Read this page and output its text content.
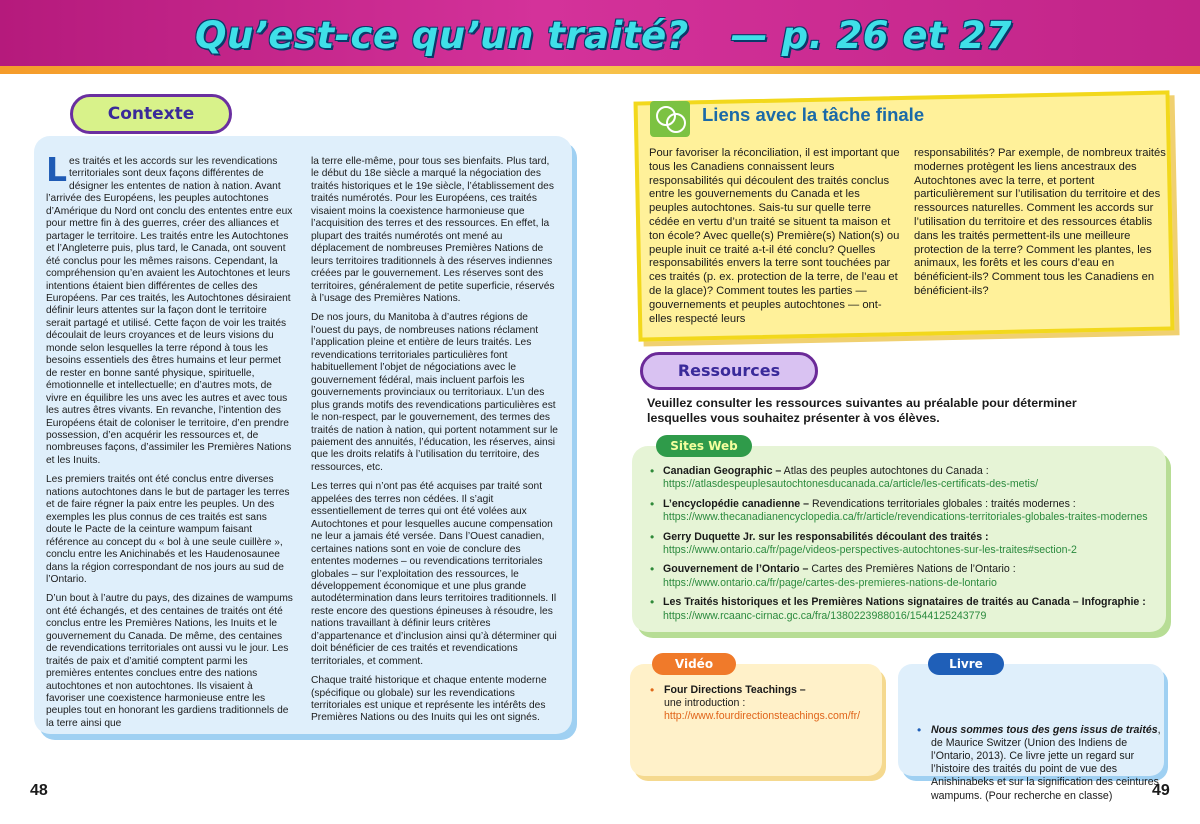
Qu’est-ce qu’un traité? — p. 26 et 27
Contexte

Les traités et les accords sur les revendications territoriales sont deux façons différentes de désigner les ententes de nation à nation. Avant l’arrivée des Européens, les peuples autochtones d’Amérique du Nord ont conclu des ententes entre eux pour mettre fin à des guerres, créer des alliances et partager le territoire. Les traités entre les Autochtones et l’Angleterre puis, plus tard, le Canada, ont souvent été conclus pour les mêmes raisons. Cependant, la compréhension qu’en avaient les Autochtones et leurs intentions étaient bien différentes de celles des Européens. Par ces traités, les Autochtones désiraient définir leurs attentes sur la façon dont le territoire serait partagé et utilisé. Cette façon de voir les traités découlait de leurs croyances et de leurs visions du monde selon lesquelles la terre répond à tous les besoins essentiels des êtres humains et leur permet de rester en bonne santé physique, spirituelle, émotionnelle et intellectuelle; en d’autres mots, de vivre en équilibre les uns avec les autres et avec tous les autres êtres vivants. En revanche, l’intention des Européens était de coloniser le territoire, d’en prendre possession, d’en acquérir les ressources et, de nombreuses façons, d’assimiler les Premières Nations et les Inuits.

Les premiers traités ont été conclus entre diverses nations autochtones dans le but de partager les terres et de faire régner la paix entre les peuples. Un des exemples les plus connus de ces traités est sans doute le Pacte de la ceinture wampum faisant référence au concept du « bol à une seule cuillère », conclu entre les Anichinabés et les Haudenosaunee dans la région correspondant de nos jours au sud de l’Ontario.

D’un bout à l’autre du pays, des dizaines de wampums ont été échangés, et des centaines de traités ont été conclus entre les Premières Nations, les Inuits et le gouvernement du Canada. De même, des centaines de revendications territoriales ont aussi vu le jour. Les traités de paix et d’amitié comptent parmi les premières ententes conclues entre des nations autochtones et non autochtones. Ils visaient à favoriser une coexistence harmonieuse entre les peuples tout en honorant les gardiens traditionnels de la terre ainsi que

la terre elle-même, pour tous ses bienfaits. Plus tard, le début du 18e siècle a marqué la négociation des traités historiques et le 19e siècle, l’établissement des traités numérotés. Pour les Européens, ces traités visaient moins la coexistence harmonieuse que l’acquisition des terres et des ressources. En effet, la plupart des traités numérotés ont mené au déplacement de nombreuses Premières Nations de leurs territoires traditionnels à des réserves indiennes créées par le gouvernement. Les réserves sont des territoires, généralement de petite superficie, réservés à l’usage des Premières Nations.

De nos jours, du Manitoba à d’autres régions de l’ouest du pays, de nombreuses nations réclament l’application pleine et entière de leurs traités. Les revendications territoriales particulières font habituellement l’objet de négociations avec le gouvernement fédéral, mais incluent parfois les gouvernements provinciaux ou territoriaux. L’un des plus grands motifs des revendications particulières est le non-respect, par le gouvernement, des termes des traités de nation à nation, qui portent notamment sur le paiement des annuités, l’éducation, les réserves, ainsi que les droits relatifs à l’utilisation du territoire, des ressources, etc.

Les terres qui n’ont pas été acquises par traité sont appelées des terres non cédées. Il s’agit essentiellement de terres qui ont été volées aux Autochtones et pour lesquelles aucune compensation ne leur a jamais été versée. Dans l’Ouest canadien, certaines nations sont en voie de conclure des ententes modernes – ou revendications territoriales globales – sur l’exploitation des ressources, le développement économique et une plus grande autodétermination dans leurs territoires traditionnels. Il reste encore des questions épineuses à résoudre, les nations travaillant à définir leurs critères d’appartenance et d’inclusion ainsi qu’à déterminer qui doit bénéficier de ces traités et revendications territoriales, et comment.

Chaque traité historique et chaque entente moderne (spécifique ou globale) sur les revendications territoriales est unique et représente les intérêts des Premières Nations ou des Inuits qui les ont signés.

48	49
Liens avec la tâche finale
Pour favoriser la réconciliation, il est important que tous les Canadiens connaissent leurs responsabilités qui découlent des traités conclus entre les gouvernements du Canada et les peuples autochtones. Sais-tu sur quelle terre cédée en vertu d’un traité se situent ta maison et ton école? Avec quelle(s) Première(s) Nation(s) ou peuple inuit ce traité a-t-il été conclu? Quelles responsabilités envers la terre sont touchées par ces traités (p. ex. protection de la terre, de l’eau et de la glace)? Comment toutes les parties — gouvernements et peuples autochtones — ont-elles respecté leurs
responsabilités? Par exemple, de nombreux traités modernes protègent les liens ancestraux des Autochtones avec la terre, et portent particulièrement sur l’utilisation du territoire et des ressources naturelles. Comment les accords sur l’utilisation du territoire et des ressources établis dans les traités permettent-ils une meilleure protection de la terre? Comment les plantes, les animaux, les forêts et les cours d’eau en bénéficient-ils? Comment tous les Canadiens en bénéficient-ils?
Ressources
Veuillez consulter les ressources suivantes au préalable pour déterminer lesquelles vous souhaitez présenter à vos élèves.
Sites Web
• Canadian Geographic – Atlas des peuples autochtones du Canada :
https://atlasdespeuplesautochtonesducanada.ca/article/les-certificats-des-metis/
• L’encyclopédie canadienne – Revendications territoriales globales : traités modernes : https://www.thecanadianencyclopedia.ca/fr/article/revendications-territoriales-globales-traites-modernes
• Gerry Duquette Jr. sur les responsabilités découlant des traités :
https://www.ontario.ca/fr/page/videos-perspectives-autochtones-sur-les-traites#section-2
• Gouvernement de l’Ontario – Cartes des Premières Nations de l’Ontario :
https://www.ontario.ca/fr/page/cartes-des-premieres-nations-de-lontario
• Les Traités historiques et les Premières Nations signataires de traités au Canada – Infographie :
https://www.rcaanc-cirnac.gc.ca/fra/1380223988016/1544125243779
Vidéo
• Four Directions Teachings –
une introduction :
http://www.fourdirectionsteachings.com/fr/
Livre
• Nous sommes tous des gens issus de traités, de Maurice Switzer (Union des Indiens de l’Ontario, 2013). Ce livre jette un regard sur l’histoire des traités du point de vue des Anishinabeks et sur la signification des ceintures wampums. (Pour recherche en classe)
